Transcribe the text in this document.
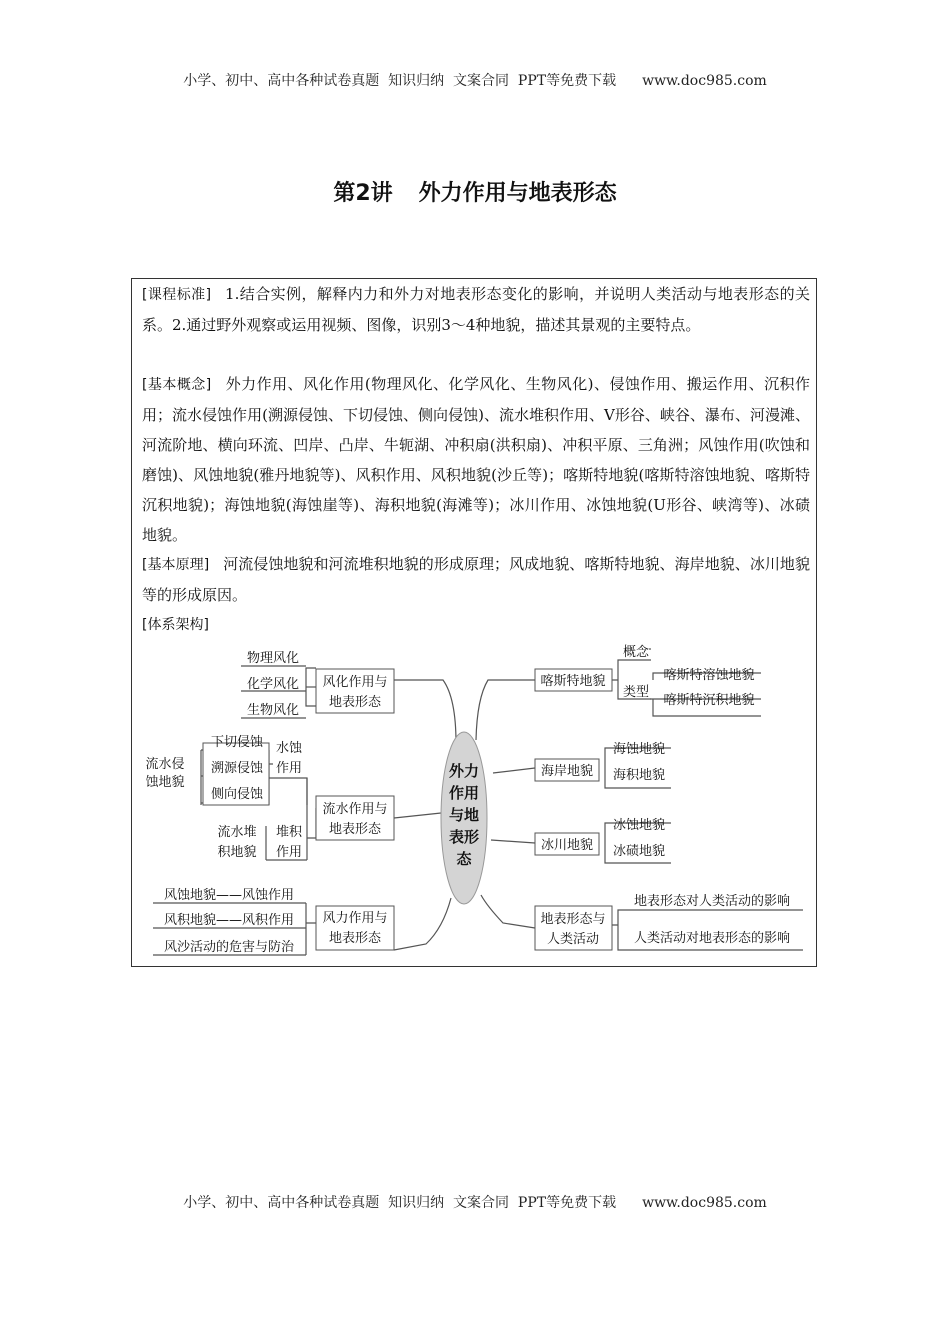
小学、初中、高中各种试卷真题  知识归纳  文案合同  PPT等免费下载 www.doc985.com
第2讲 外力作用与地表形态
[课程标准] 1.结合实例，解释内力和外力对地表形态变化的影响，并说明人类活动与地表形态的关系。2.通过野外观察或运用视频、图像，识别3～4种地貌，描述其景观的主要特点。
[基本概念] 外力作用、风化作用(物理风化、化学风化、生物风化)、侵蚀作用、搬运作用、沉积作用；流水侵蚀作用(溯源侵蚀、下切侵蚀、侧向侵蚀)、流水堆积作用、V形谷、峡谷、瀑布、河漫滩、河流阶地、横向环流、凹岸、凸岸、牛轭湖、冲积扇(洪积扇)、冲积平原、三角洲；风蚀作用(吹蚀和磨蚀)、风蚀地貌(雅丹地貌等)、风积作用、风积地貌(沙丘等)；喀斯特地貌(喀斯特溶蚀地貌、喀斯特沉积地貌)；海蚀地貌(海蚀崖等)、海积地貌(海滩等)；冰川作用、冰蚀地貌(U形谷、峡湾等)、冰碛地貌。
[基本原理] 河流侵蚀地貌和河流堆积地貌的形成原理；风成地貌、喀斯特地貌、海岸地貌、冰川地貌等的形成原因。
[体系架构]
外力
作用
与地
表形
态
风化作用与
地表形态
物理风化
化学风化
生物风化
流水作用与
地表形态
流水侵
蚀地貌
下切侵蚀
溯源侵蚀
侧向侵蚀
水蚀
作用
流水堆
积地貌
堆积
作用
风力作用与
地表形态
风蚀地貌——风蚀作用
风积地貌——风积作用
风沙活动的危害与防治
喀斯特地貌
概念
类型
喀斯特溶蚀地貌
喀斯特沉积地貌
海岸地貌
海蚀地貌
海积地貌
冰川地貌
冰蚀地貌
冰碛地貌
地表形态与
人类活动
地表形态对人类活动的影响
人类活动对地表形态的影响
小学、初中、高中各种试卷真题  知识归纳  文案合同  PPT等免费下载 www.doc985.com
